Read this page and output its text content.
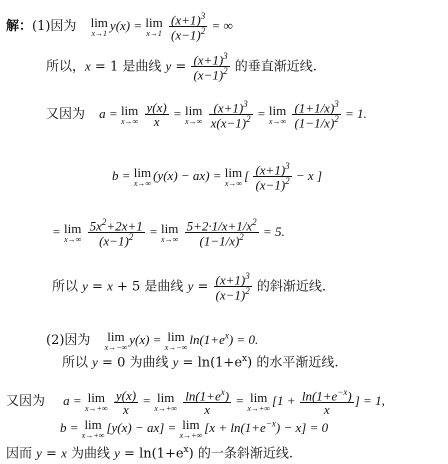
解：(1)因为 lim
x→1
y(x) = lim
x→1
$\frac{(x+1)^3}{(x-1)^2}$ = ∞
所以，x = 1 是曲线 $y = \frac{(x+1)^3}{(x-1)^2}$ 的垂直渐近线.
又因为 a = lim
x→∞
$\frac{y(x)}{x} = \lim$
x→∞
$\frac{(x+1)^3}{x(x-1)^2} = \lim$
x→∞
$\frac{(1+1/x)^3}{(1-1/x)^2} = 1$.
b = lim
x→∞
(y(x) − ax) = lim
x→∞
[ $\frac{(x+1)^3}{(x-1)^2} - x$ ]
= lim
x→∞
$\frac{5x^2+2x+1}{(x-1)^2} = \lim$
x→∞
$\frac{5+2\cdot 1/x+1/x^2}{(1-1/x)^2} = 5$.
所以 y = x + 5 是曲线 $y = \frac{(x+1)^3}{(x-1)^2}$ 的斜渐近线.
(2)因为 lim
x→−∞
y(x) = lim
x→−∞
$\ln(1+e^x) = 0$.
所以 y = 0 为曲线 $y = \ln(1+e^x)$ 的水平渐近线.
又因为 a = lim
x→+∞
$\frac{y(x)}{x} = \lim$
x→+∞
$\frac{\ln(1+e^x)}{x} = \lim$
x→+∞
[$1 + \frac{\ln(1+e^{-x})}{x}$ ] = 1,
b = lim
x→+∞
[y(x) − ax] = lim
x→+∞
$[x + \ln(1+e^{-x}) - x] = 0$
因而 y = x 为曲线 $y = \ln(1+e^x)$ 的一条斜渐近线.
